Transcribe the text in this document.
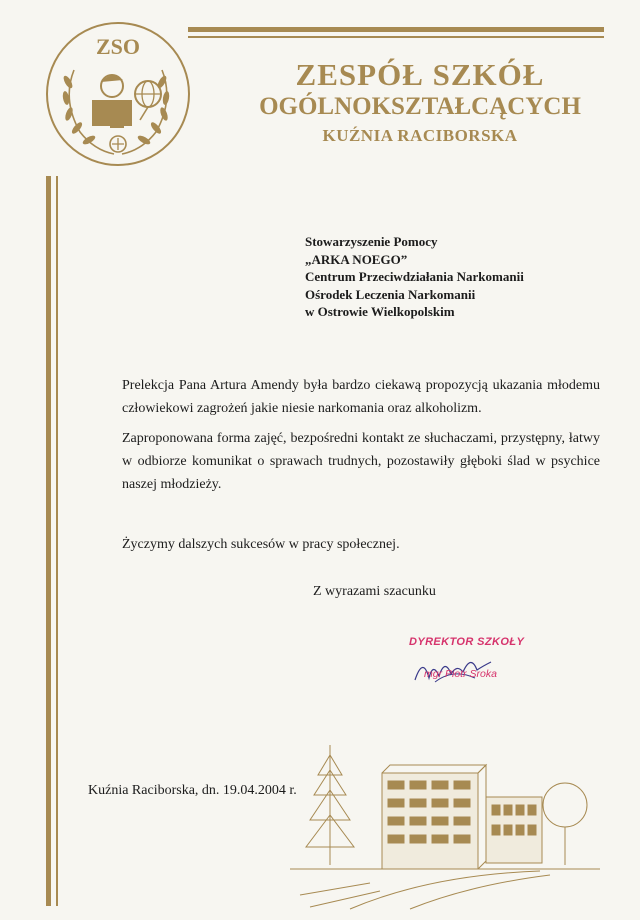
ZSO
ZESPÓŁ SZKÓŁ
OGÓLNOKSZTAŁCĄCYCH
KUŹNIA RACIBORSKA
Stowarzyszenie Pomocy
„ARKA NOEGO”
Centrum Przeciwdziałania Narkomanii
Ośrodek Leczenia Narkomanii
w Ostrowie Wielkopolskim
Prelekcja Pana Artura Amendy była bardzo ciekawą propozycją ukazania młodemu człowiekowi zagrożeń jakie niesie narkomania oraz alkoholizm.
Zaproponowana forma zajęć, bezpośredni kontakt ze słuchaczami, przystępny, łatwy w odbiorze komunikat o sprawach trudnych, pozostawiły głęboki ślad w psychice naszej młodzieży.
Życzymy dalszych sukcesów w pracy społecznej.
Z wyrazami szacunku
DYREKTOR SZKOŁY
mgr Piotr Sroka
Kuźnia Raciborska, dn. 19.04.2004 r.
